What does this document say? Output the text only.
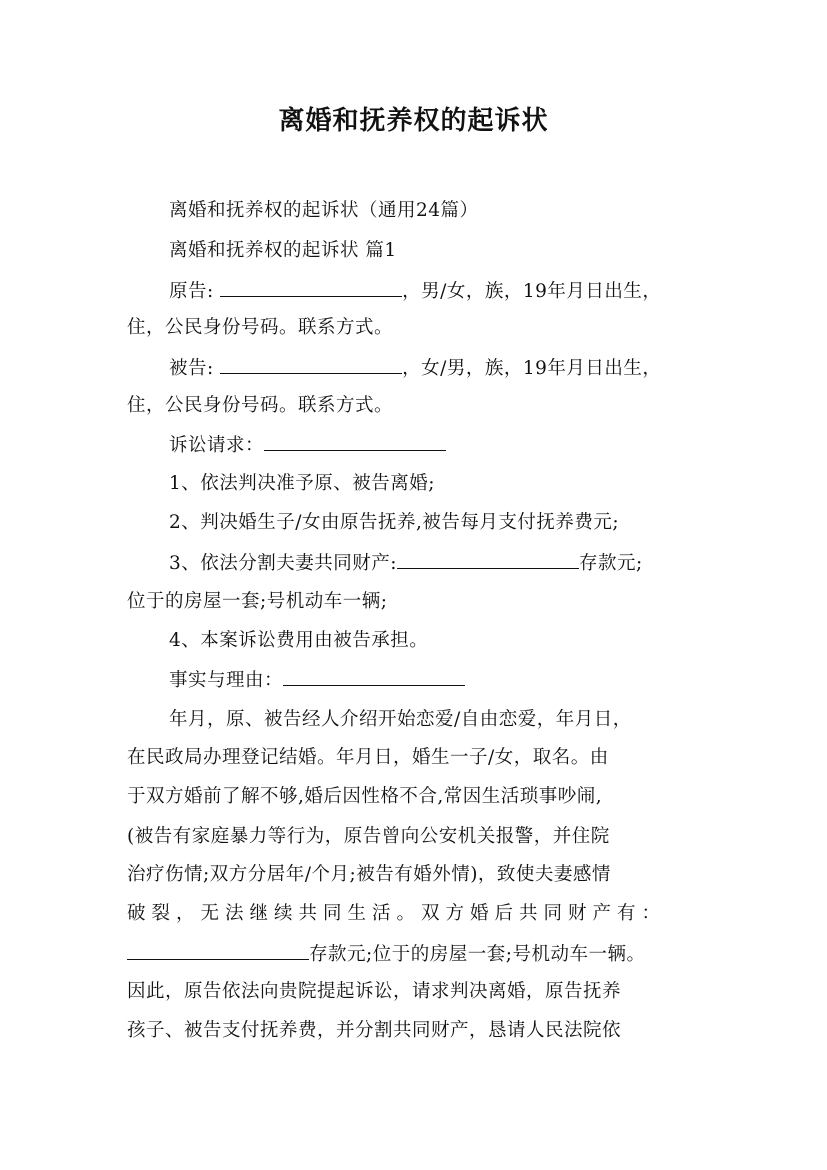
离婚和抚养权的起诉状
离婚和抚养权的起诉状（通用24篇）
离婚和抚养权的起诉状 篇1
原告:	，男/女，族，19年月日出生，
住，公民身份号码。联系方式。
被告:	，女/男，族，19年月日出生，
住，公民身份号码。联系方式。
诉讼请求：
1、依法判决准予原、被告离婚;
2、判决婚生子/女由原告抚养,被告每月支付抚养费元;
3、依法分割夫妻共同财产:	存款元;
位于的房屋一套;号机动车一辆;
4、本案诉讼费用由被告承担。
事实与理由：
年月，原、被告经人介绍开始恋爱/自由恋爱，年月日，
在民政局办理登记结婚。年月日，婚生一子/女，取名。由
于双方婚前了解不够,婚后因性格不合,常因生活琐事吵闹,
(被告有家庭暴力等行为，原告曾向公安机关报警，并住院
治疗伤情;双方分居年/个月;被告有婚外情)，致使夫妻感情
破裂，无法继续共同生活。双方婚后共同财产有：
存款元;位于的房屋一套;号机动车一辆。
因此，原告依法向贵院提起诉讼，请求判决离婚，原告抚养
孩子、被告支付抚养费，并分割共同财产，恳请人民法院依
